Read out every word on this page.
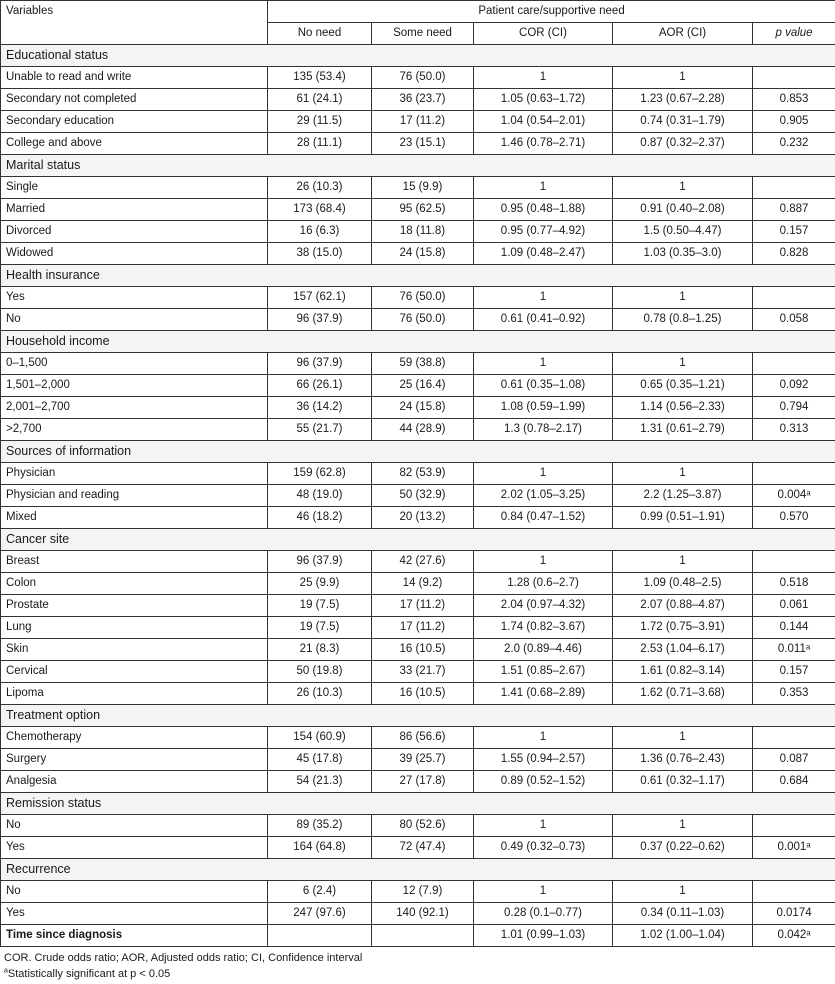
Variables	Patient care/supportive need				
	No need	Some need	COR (CI)	AOR (CI)	p value
Educational status					
Unable to read and write	135 (53.4)	76 (50.0)	1	1	
Secondary not completed	61 (24.1)	36 (23.7)	1.05 (0.63–1.72)	1.23 (0.67–2.28)	0.853
Secondary education	29 (11.5)	17 (11.2)	1.04 (0.54–2.01)	0.74 (0.31–1.79)	0.905
College and above	28 (11.1)	23 (15.1)	1.46 (0.78–2.71)	0.87 (0.32–2.37)	0.232
Marital status					
Single	26 (10.3)	15 (9.9)	1	1	
Married	173 (68.4)	95 (62.5)	0.95 (0.48–1.88)	0.91 (0.40–2.08)	0.887
Divorced	16 (6.3)	18 (11.8)	0.95 (0.77–4.92)	1.5 (0.50–4.47)	0.157
Widowed	38 (15.0)	24 (15.8)	1.09 (0.48–2.47)	1.03 (0.35–3.0)	0.828
Health insurance					
Yes	157 (62.1)	76 (50.0)	1	1	
No	96 (37.9)	76 (50.0)	0.61 (0.41–0.92)	0.78 (0.8–1.25)	0.058
Household income					
0–1,500	96 (37.9)	59 (38.8)	1	1	
1,501–2,000	66 (26.1)	25 (16.4)	0.61 (0.35–1.08)	0.65 (0.35–1.21)	0.092
2,001–2,700	36 (14.2)	24 (15.8)	1.08 (0.59–1.99)	1.14 (0.56–2.33)	0.794
>2,700	55 (21.7)	44 (28.9)	1.3 (0.78–2.17)	1.31 (0.61–2.79)	0.313
Sources of information					
Physician	159 (62.8)	82 (53.9)	1	1	
Physician and reading	48 (19.0)	50 (32.9)	2.02 (1.05–3.25)	2.2 (1.25–3.87)	0.004ᵃ
Mixed	46 (18.2)	20 (13.2)	0.84 (0.47–1.52)	0.99 (0.51–1.91)	0.570
Cancer site					
Breast	96 (37.9)	42 (27.6)	1	1	
Colon	25 (9.9)	14 (9.2)	1.28 (0.6–2.7)	1.09 (0.48–2.5)	0.518
Prostate	19 (7.5)	17 (11.2)	2.04 (0.97–4.32)	2.07 (0.88–4.87)	0.061
Lung	19 (7.5)	17 (11.2)	1.74 (0.82–3.67)	1.72 (0.75–3.91)	0.144
Skin	21 (8.3)	16 (10.5)	2.0 (0.89–4.46)	2.53 (1.04–6.17)	0.011ᵃ
Cervical	50 (19.8)	33 (21.7)	1.51 (0.85–2.67)	1.61 (0.82–3.14)	0.157
Lipoma	26 (10.3)	16 (10.5)	1.41 (0.68–2.89)	1.62 (0.71–3.68)	0.353
Treatment option					
Chemotherapy	154 (60.9)	86 (56.6)	1	1	
Surgery	45 (17.8)	39 (25.7)	1.55 (0.94–2.57)	1.36 (0.76–2.43)	0.087
Analgesia	54 (21.3)	27 (17.8)	0.89 (0.52–1.52)	0.61 (0.32–1.17)	0.684
Remission status					
No	89 (35.2)	80 (52.6)	1	1	
Yes	164 (64.8)	72 (47.4)	0.49 (0.32–0.73)	0.37 (0.22–0.62)	0.001ᵃ
Recurrence					
No	6 (2.4)	12 (7.9)	1	1	
Yes	247 (97.6)	140 (92.1)	0.28 (0.1–0.77)	0.34 (0.11–1.03)	0.0174
Time since diagnosis			1.01 (0.99–1.03)	1.02 (1.00–1.04)	0.042ᵃ
COR. Crude odds ratio; AOR, Adjusted odds ratio; CI, Confidence interval
$^a$Statistically significant at p < 0.05
